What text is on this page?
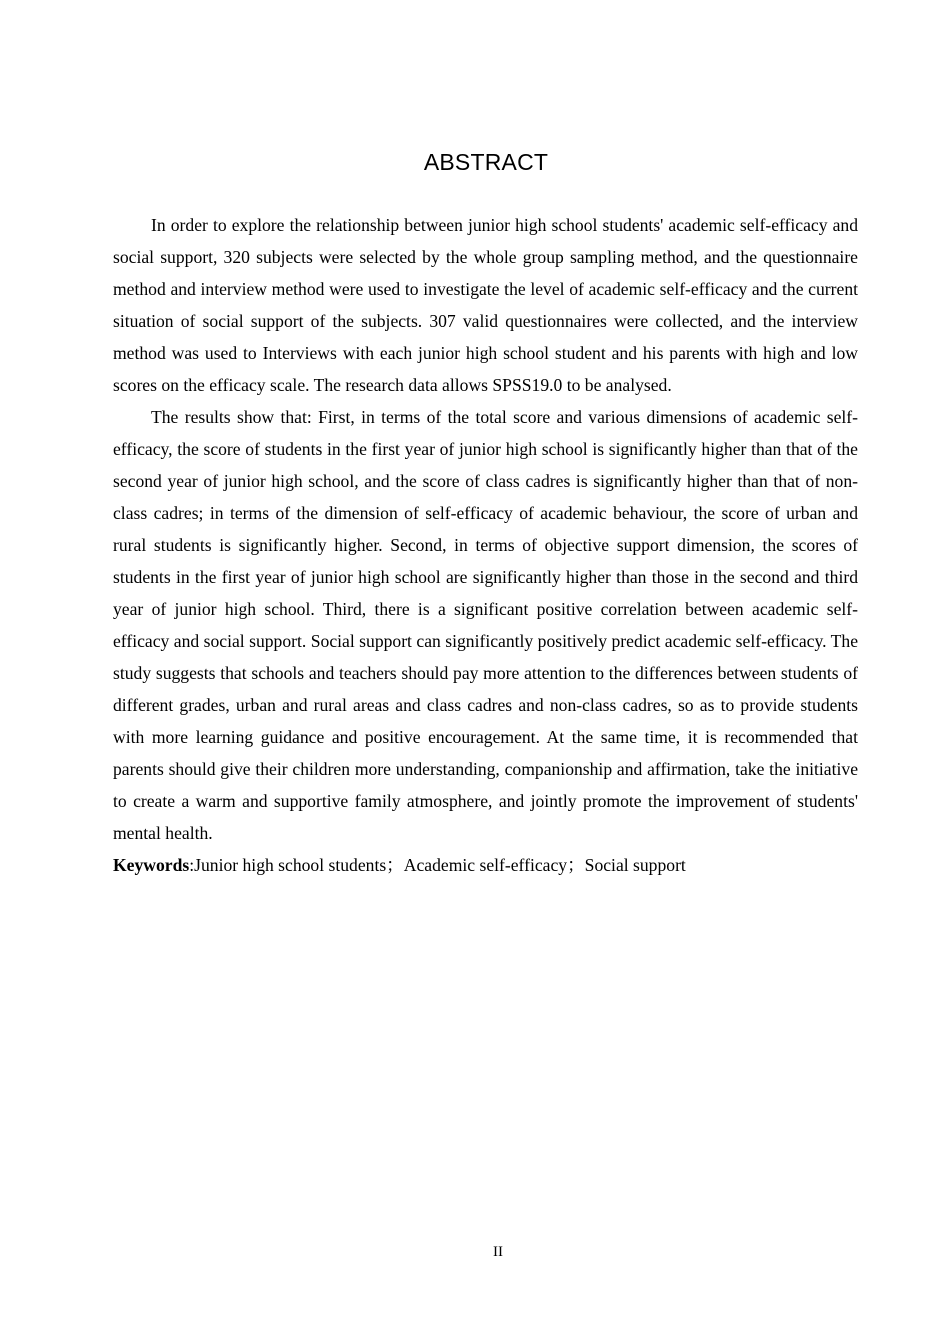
ABSTRACT

In order to explore the relationship between junior high school students' academic self-efficacy and social support, 320 subjects were selected by the whole group sampling method, and the questionnaire method and interview method were used to investigate the level of academic self-efficacy and the current situation of social support of the subjects. 307 valid questionnaires were collected, and the interview method was used to Interviews with each junior high school student and his parents with high and low scores on the efficacy scale. The research data allows SPSS19.0 to be analysed.

The results show that: First, in terms of the total score and various dimensions of academic self-efficacy, the score of students in the first year of junior high school is significantly higher than that of the second year of junior high school, and the score of class cadres is significantly higher than that of non-class cadres; in terms of the dimension of self-efficacy of academic behaviour, the score of urban and rural students is significantly higher. Second, in terms of objective support dimension, the scores of students in the first year of junior high school are significantly higher than those in the second and third year of junior high school. Third, there is a significant positive correlation between academic self-efficacy and social support. Social support can significantly positively predict academic self-efficacy. The study suggests that schools and teachers should pay more attention to the differences between students of different grades, urban and rural areas and class cadres and non-class cadres, so as to provide students with more learning guidance and positive encouragement. At the same time, it is recommended that parents should give their children more understanding, companionship and affirmation, take the initiative to create a warm and supportive family atmosphere, and jointly promote the improvement of students' mental health.

Keywords:Junior high school students；Academic self-efficacy；Social support

II
